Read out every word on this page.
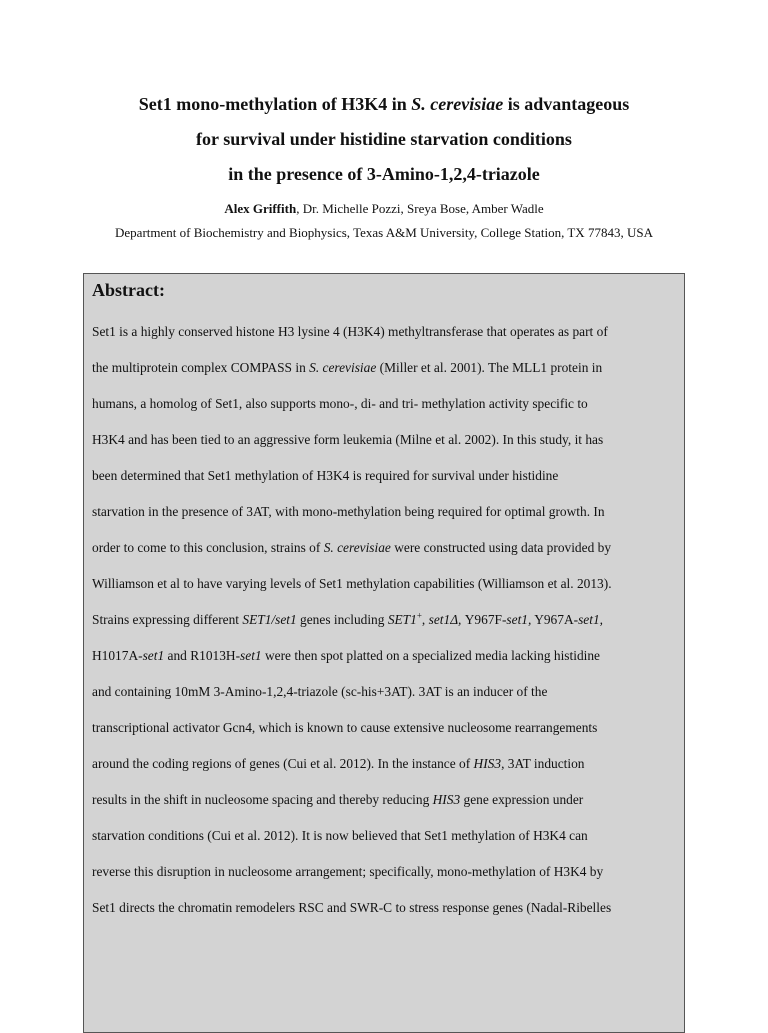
Set1 mono-methylation of H3K4 in S. cerevisiae is advantageous
for survival under histidine starvation conditions
in the presence of 3-Amino-1,2,4-triazole
Alex Griffith, Dr. Michelle Pozzi, Sreya Bose, Amber Wadle
Department of Biochemistry and Biophysics, Texas A&M University, College Station, TX 77843, USA
Abstract:
Set1 is a highly conserved histone H3 lysine 4 (H3K4) methyltransferase that operates as part of
the multiprotein complex COMPASS in S. cerevisiae (Miller et al. 2001). The MLL1 protein in
humans, a homolog of Set1, also supports mono-, di- and tri- methylation activity specific to
H3K4 and has been tied to an aggressive form leukemia (Milne et al. 2002). In this study, it has
been determined that Set1 methylation of H3K4 is required for survival under histidine
starvation in the presence of 3AT, with mono-methylation being required for optimal growth. In
order to come to this conclusion, strains of S. cerevisiae were constructed using data provided by
Williamson et al to have varying levels of Set1 methylation capabilities (Williamson et al. 2013).
Strains expressing different SET1/set1 genes including SET1+, set1Δ, Y967F-set1, Y967A-set1,
H1017A-set1 and R1013H-set1 were then spot platted on a specialized media lacking histidine
and containing 10mM 3-Amino-1,2,4-triazole (sc-his+3AT). 3AT is an inducer of the
transcriptional activator Gcn4, which is known to cause extensive nucleosome rearrangements
around the coding regions of genes (Cui et al. 2012). In the instance of HIS3, 3AT induction
results in the shift in nucleosome spacing and thereby reducing HIS3 gene expression under
starvation conditions (Cui et al. 2012). It is now believed that Set1 methylation of H3K4 can
reverse this disruption in nucleosome arrangement; specifically, mono-methylation of H3K4 by
Set1 directs the chromatin remodelers RSC and SWR-C to stress response genes (Nadal-Ribelles
